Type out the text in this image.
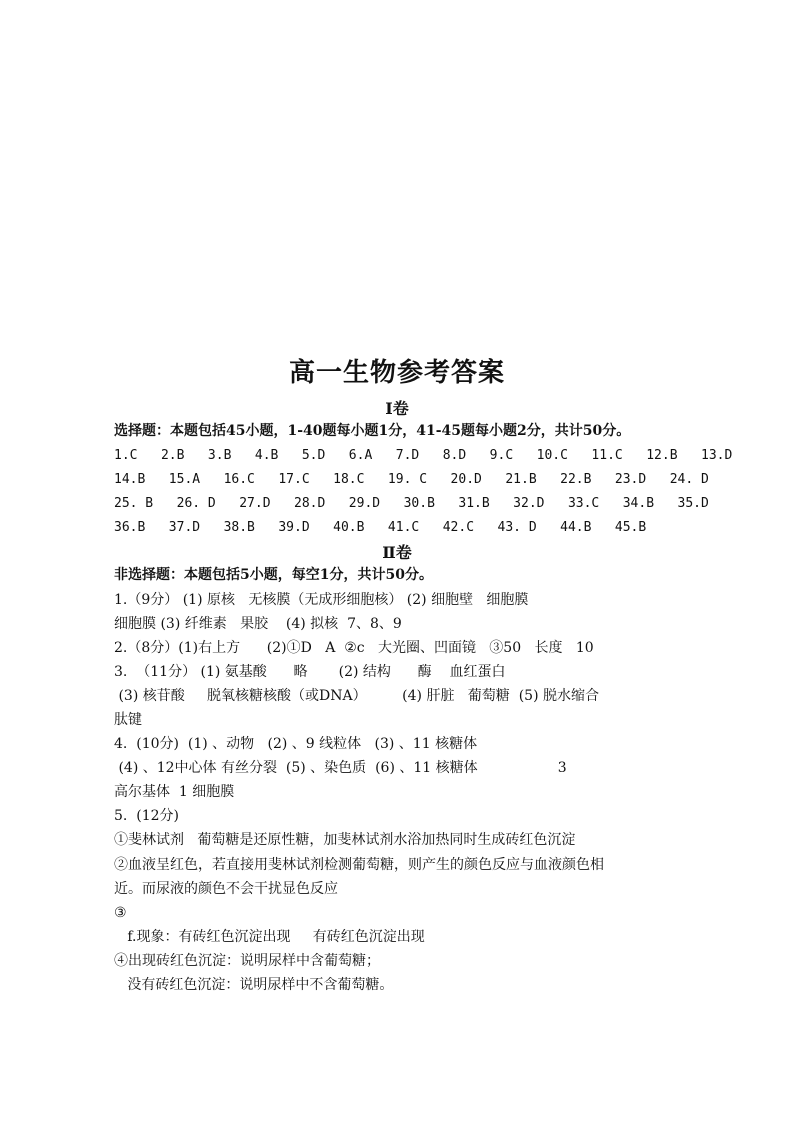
高一生物参考答案
Ⅰ卷
选择题：本题包括45小题，1-40题每小题1分，41-45题每小题2分，共计50分。
1.C   2.B   3.B   4.B   5.D   6.A   7.D   8.D   9.C   10.C   11.C   12.B   13.D
14.B   15.A   16.C   17.C   18.C   19. C   20.D   21.B   22.B   23.D   24. D
25. B   26. D   27.D   28.D   29.D   30.B   31.B   32.D   33.C   34.B   35.D
36.B   37.D   38.B   39.D   40.B   41.C   42.C   43. D   44.B   45.B
Ⅱ卷
非选择题：本题包括5小题，每空1分，共计50分。
1.（9分） (1) 原核   无核膜（无成形细胞核） (2) 细胞壁   细胞膜
细胞膜 (3) 纤维素   果胶    (4) 拟核  7、8、9
2.（8分）(1)右上方      (2)①D   A  ②c   大光圈、凹面镜   ③50   长度   10
3.  （11分） (1) 氨基酸      略       (2) 结构      酶    血红蛋白
(3) 核苷酸     脱氧核糖核酸（或DNA）        (4) 肝脏   葡萄糖  (5) 脱水缩合
肽键
4.  (10分)  (1) 、动物   (2) 、9 线粒体   (3) 、11 核糖体
(4) 、12中心体 有丝分裂  (5) 、染色质  (6) 、11 核糖体                  3
高尔基体  1 细胞膜
5.  (12分)
①斐林试剂   葡萄糖是还原性糖，加斐林试剂水浴加热同时生成砖红色沉淀
②血液呈红色，若直接用斐林试剂检测葡萄糖，则产生的颜色反应与血液颜色相
近。而尿液的颜色不会干扰显色反应
③
f.现象：有砖红色沉淀出现     有砖红色沉淀出现
④出现砖红色沉淀：说明尿样中含葡萄糖；
没有砖红色沉淀：说明尿样中不含葡萄糖。
